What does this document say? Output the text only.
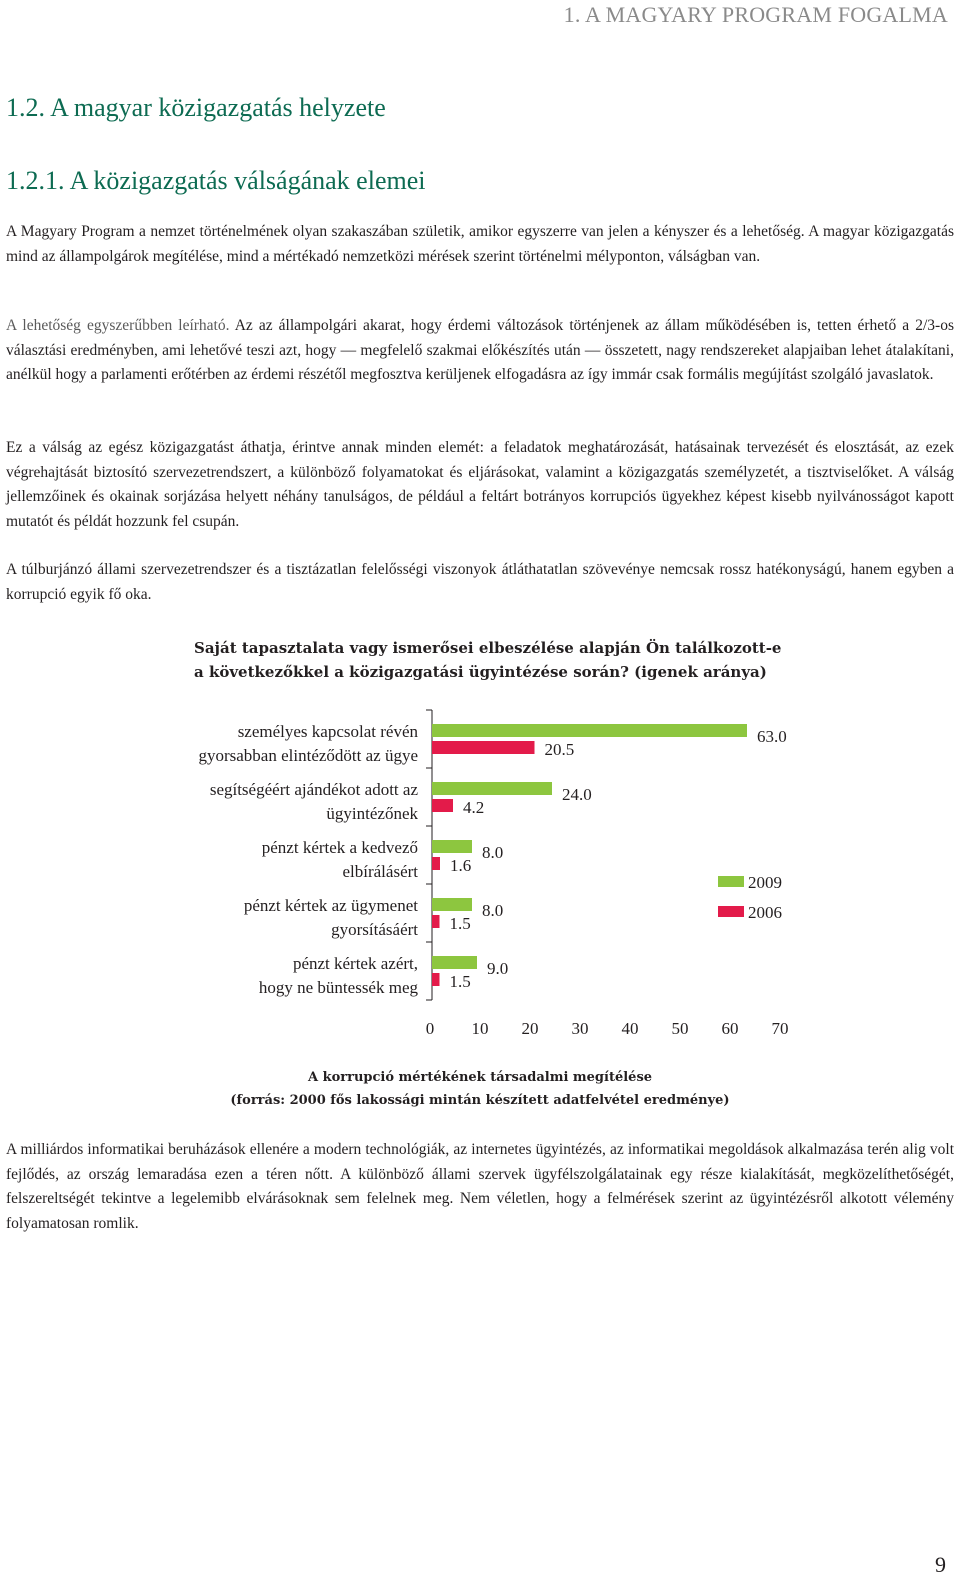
1. A MAGYARY PROGRAM FOGALMA
1.2. A magyar közigazgatás helyzete
1.2.1. A közigazgatás válságának elemei

A Magyary Program a nemzet történelmének olyan szakaszában születik, amikor egyszerre van jelen a kényszer és a lehetőség. A magyar közigazgatás mind az állampolgárok megítélése, mind a mértékadó nemzetközi mérések szerint történelmi mélyponton, válságban van.

A lehetőség egyszerűbben leírható. Az az állampolgári akarat, hogy érdemi változások történjenek az állam működésében is, tetten érhető a 2/3-os választási eredményben, ami lehetővé teszi azt, hogy — megfelelő szakmai előkészítés után — összetett, nagy rendszereket alapjaiban lehet átalakítani, anélkül hogy a parlamenti erőtérben az érdemi részétől megfosztva kerüljenek elfogadásra az így immár csak formális megújítást szolgáló javaslatok.

Ez a válság az egész közigazgatást áthatja, érintve annak minden elemét: a feladatok meghatározását, hatásainak tervezését és elosztását, az ezek végrehajtását biztosító szervezetrendszert, a különböző folyamatokat és eljárásokat, valamint a közigazgatás személyzetét, a tisztviselőket. A válság jellemzőinek és okainak sorjázása helyett néhány tanulságos, de például a feltárt botrányos korrupciós ügyekhez képest kisebb nyilvánosságot kapott mutatót és példát hozzunk fel csupán.

A túlburjánzó állami szervezetrendszer és a tisztázatlan felelősségi viszonyok átláthatatlan szövevénye nemcsak rossz hatékonyságú, hanem egyben a korrupció egyik fő oka.

Saját tapasztalata vagy ismerősei elbeszélése alapján Ön találkozott-e
a következőkkel a közigazgatási ügyintézése során? (igenek aránya)
személyes kapcsolat révén
gyorsabban elintéződött az ügye
63.0
20.5
segítségéért ajándékot adott az
ügyintézőnek
24.0
4.2
pénzt kértek a kedvező
elbírálásért
8.0
1.6
pénzt kértek az ügymenet
gyorsításáért
8.0
1.5
pénzt kértek azért,
hogy ne büntessék meg
9.0
1.5
0 10 20 30 40 50 60 70
2009
2006
A korrupció mértékének társadalmi megítélése
(forrás: 2000 fős lakossági mintán készített adatfelvétel eredménye)

A milliárdos informatikai beruházások ellenére a modern technológiák, az internetes ügyintézés, az informatikai megoldások alkalmazása terén alig volt fejlődés, az ország lemaradása ezen a téren nőtt. A különböző állami szervek ügyfélszolgálatainak egy része kialakítását, megközelíthetőségét, felszereltségét tekintve a legelemibb elvárásoknak sem felelnek meg. Nem véletlen, hogy a felmérések szerint az ügyintézésről alkotott vélemény folyamatosan romlik.

9
